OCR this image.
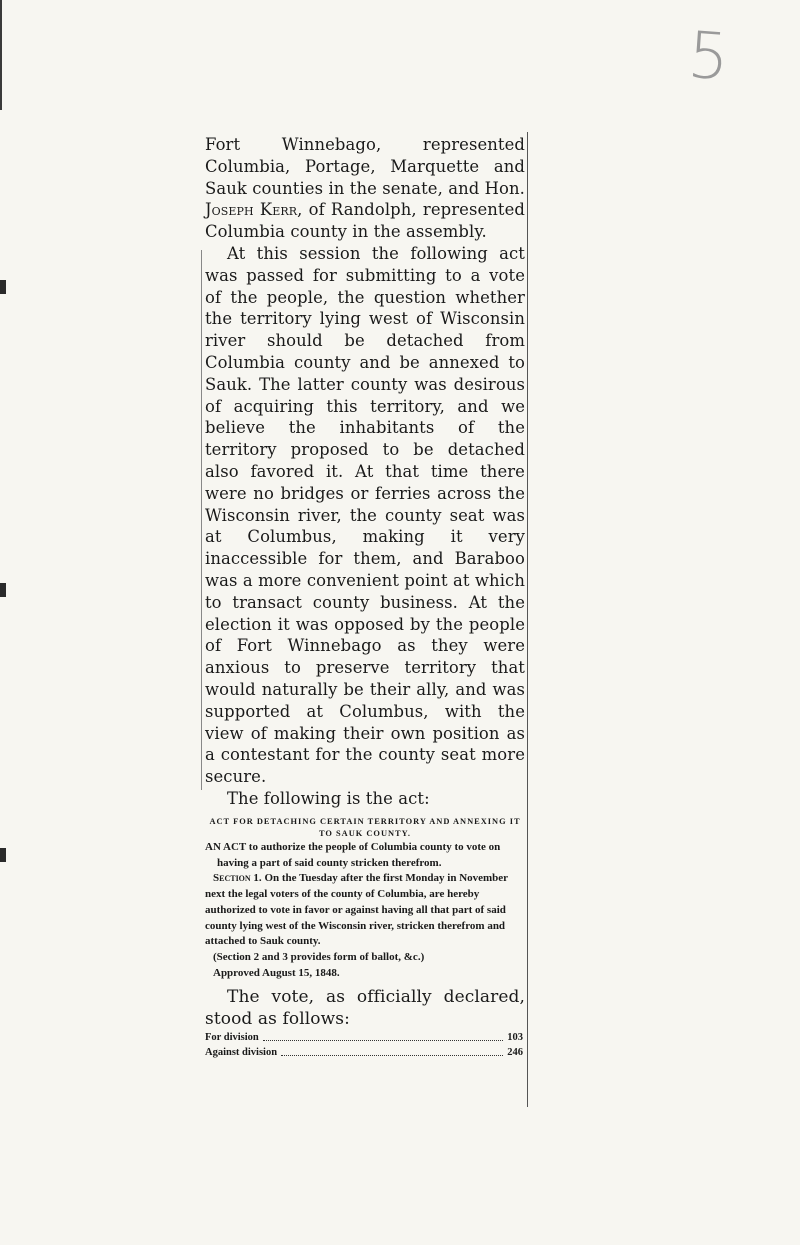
5

Fort Winnebago, represented Columbia, Portage, Marquette and Sauk counties in the senate, and Hon. Joseph Kerr, of Randolph, represented Columbia county in the assembly.

At this session the following act was passed for submitting to a vote of the people, the question whether the territory lying west of Wisconsin river should be detached from Columbia county and be annexed to Sauk. The latter county was desirous of acquiring this territory, and we believe the inhabitants of the territory proposed to be detached also favored it. At that time there were no bridges or ferries across the Wisconsin river, the county seat was at Columbus, making it very inaccessible for them, and Baraboo was a more convenient point at which to transact county business. At the election it was opposed by the people of Fort Winnebago as they were anxious to preserve territory that would naturally be their ally, and was supported at Columbus, with the view of making their own position as a contestant for the county seat more secure.

The following is the act:

ACT FOR DETACHING CERTAIN TERRITORY AND ANNEXING IT TO SAUK COUNTY.

AN ACT to authorize the people of Columbia county to vote on having a part of said county stricken therefrom.

Section 1. On the Tuesday after the first Monday in November next the legal voters of the county of Columbia, are hereby authorized to vote in favor or against having all that part of said county lying west of the Wisconsin river, stricken therefrom and attached to Sauk county.

(Section 2 and 3 provides form of ballot, &c.)

Approved August 15, 1848.

The vote, as officially declared, stood as follows:

For division	103
Against division	246
